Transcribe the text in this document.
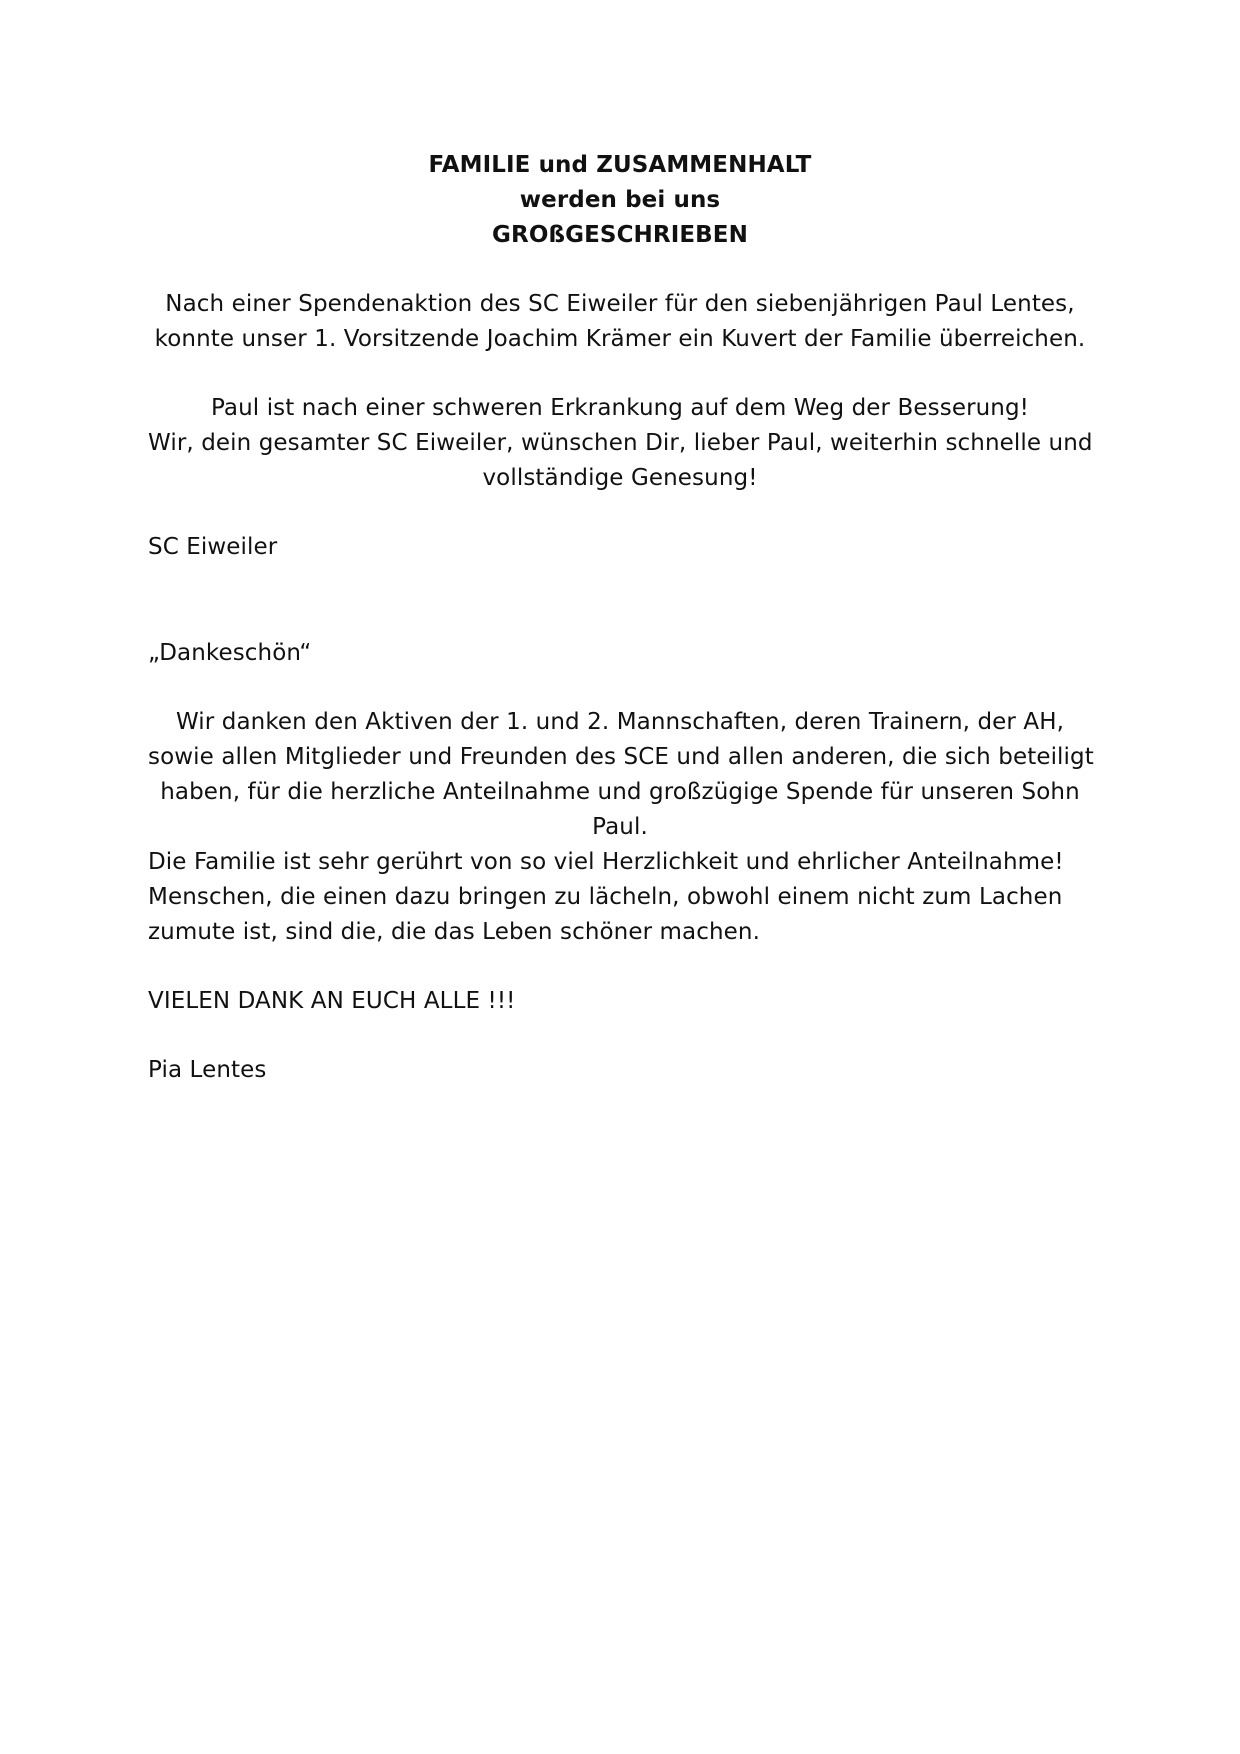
FAMILIE und ZUSAMMENHALT
werden bei uns
GROßGESCHRIEBEN
Nach einer Spendenaktion des SC Eiweiler für den siebenjährigen Paul Lentes,
konnte unser 1. Vorsitzende Joachim Krämer ein Kuvert der Familie überreichen.
Paul ist nach einer schweren Erkrankung auf dem Weg der Besserung!
Wir, dein gesamter SC Eiweiler, wünschen Dir, lieber Paul, weiterhin schnelle und
vollständige Genesung!
SC Eiweiler
„Dankeschön“
Wir danken den Aktiven der 1. und 2. Mannschaften, deren Trainern, der AH,
sowie allen Mitglieder und Freunden des SCE und allen anderen, die sich beteiligt
haben, für die herzliche Anteilnahme und großzügige Spende für unseren Sohn
Paul.
Die Familie ist sehr gerührt von so viel Herzlichkeit und ehrlicher Anteilnahme!
Menschen, die einen dazu bringen zu lächeln, obwohl einem nicht zum Lachen
zumute ist, sind die, die das Leben schöner machen.
VIELEN DANK AN EUCH ALLE !!!
Pia Lentes
